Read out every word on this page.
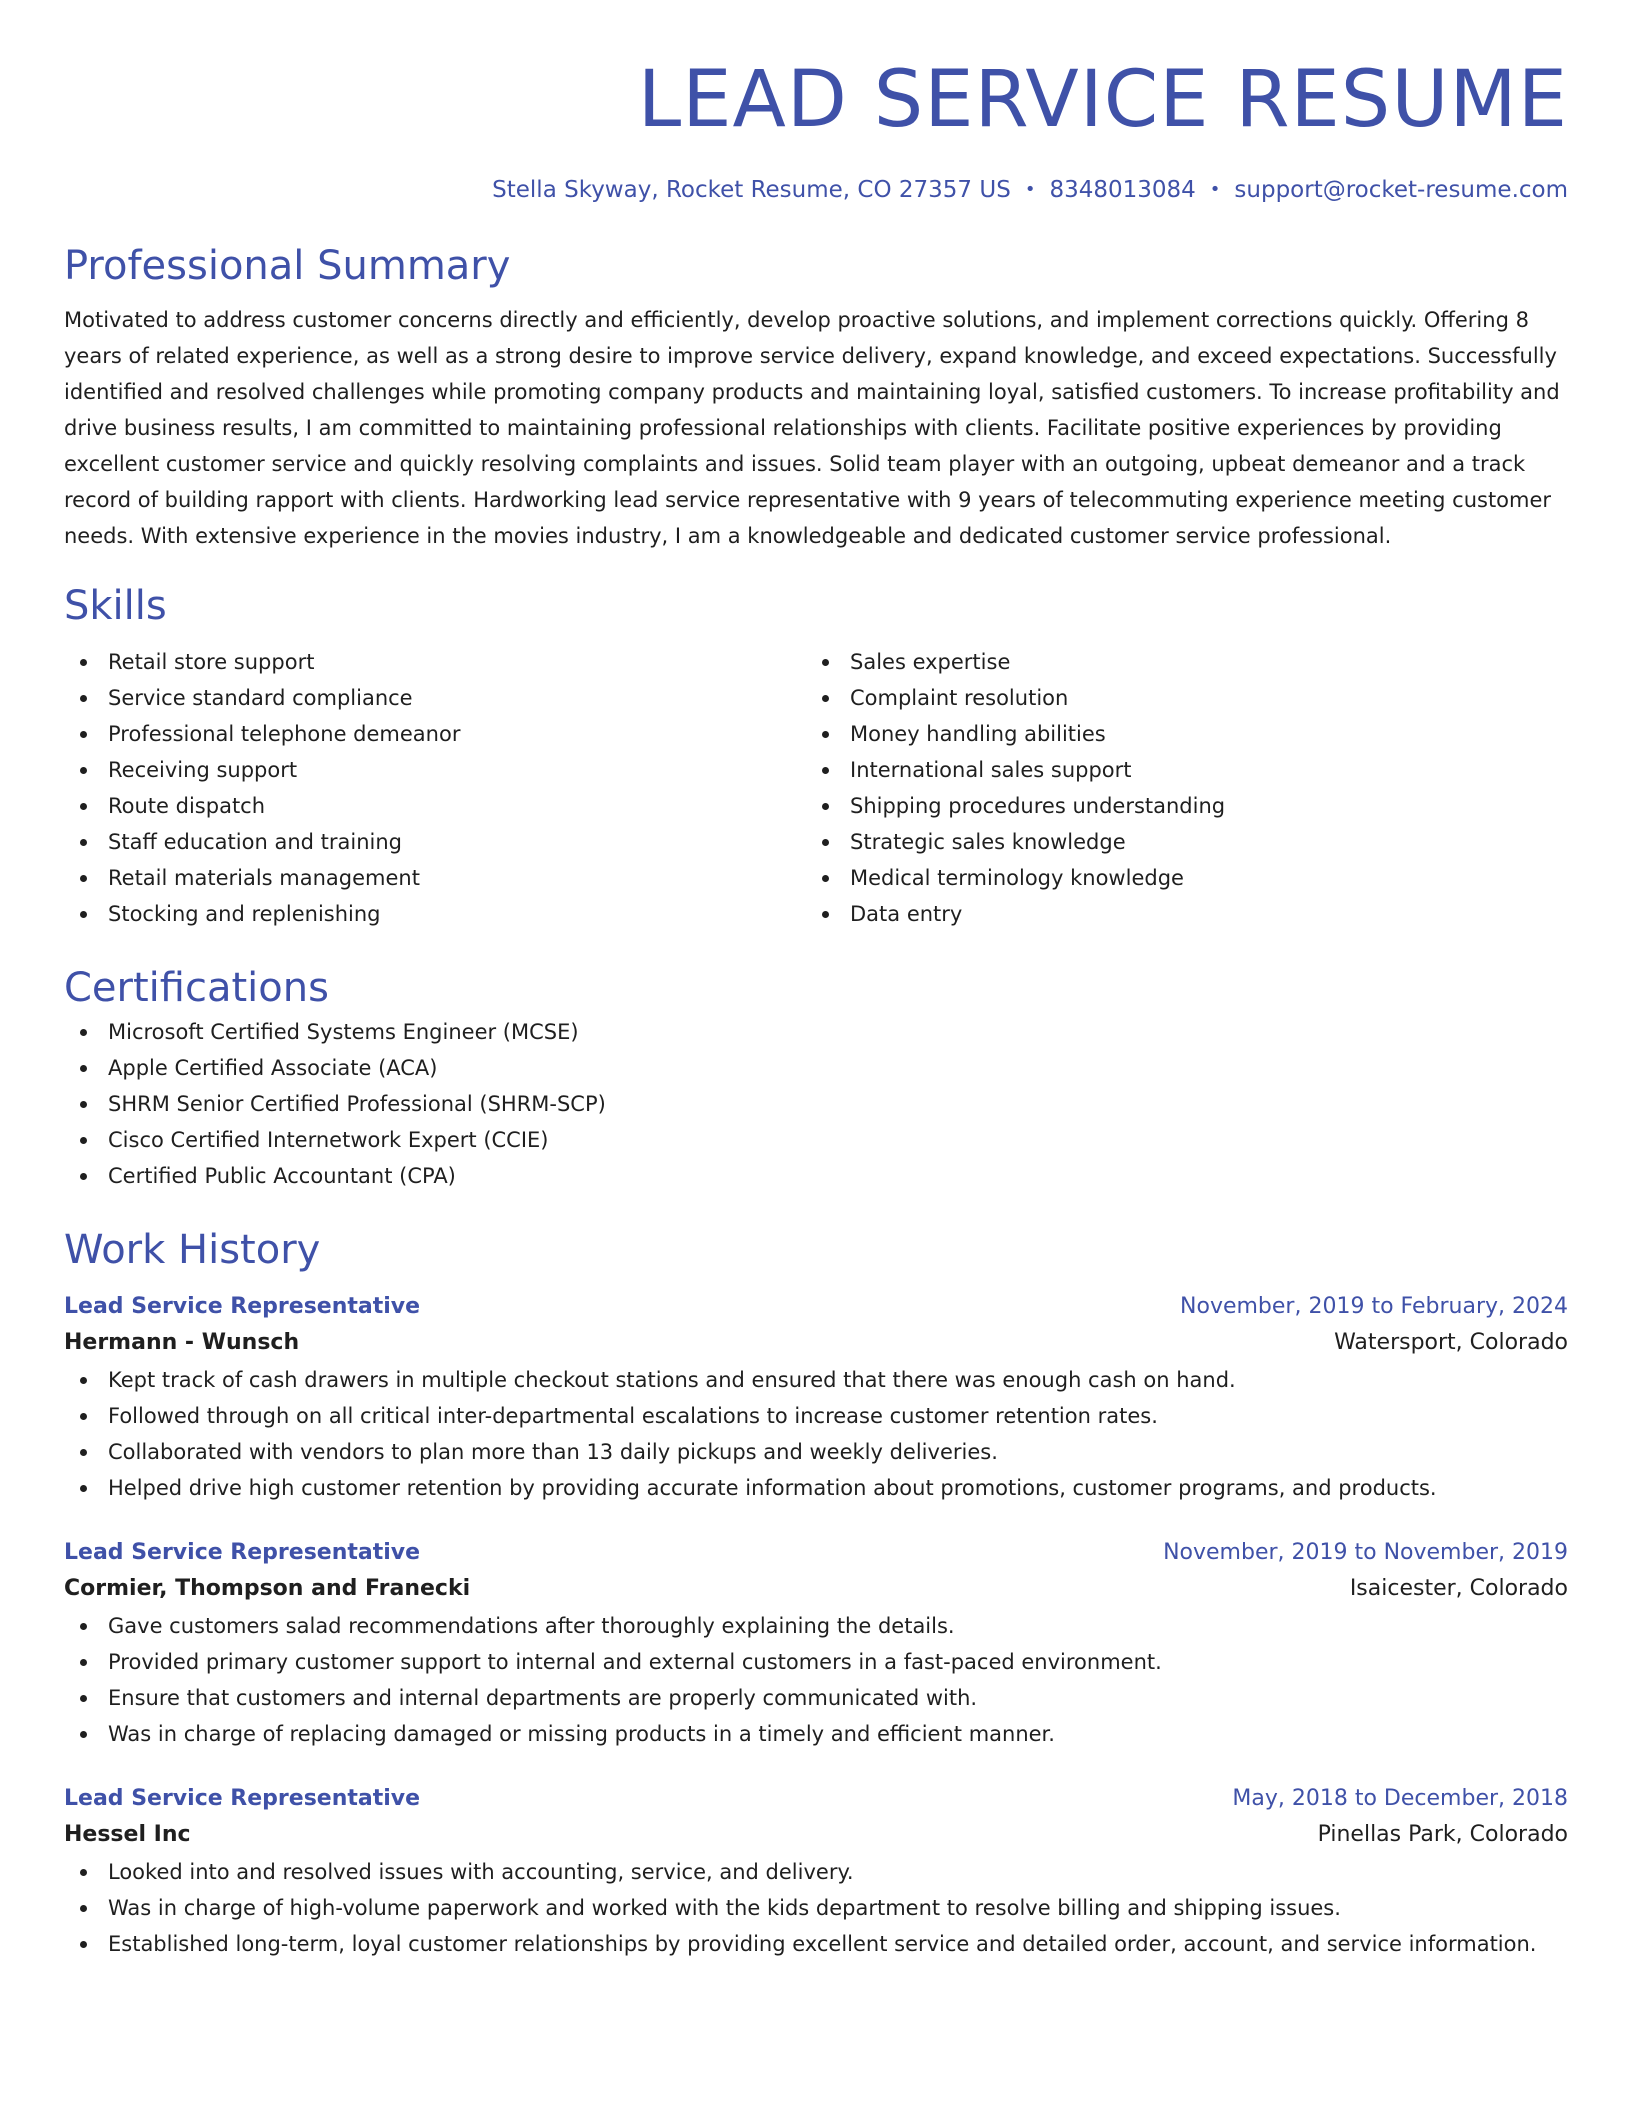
LEAD SERVICE RESUME
Stella Skyway, Rocket Resume, CO 27357 US • 8348013084 • support@rocket-resume.com
Professional Summary

Motivated to address customer concerns directly and efficiently, develop proactive solutions, and implement corrections quickly. Offering 8 years of related experience, as well as a strong desire to improve service delivery, expand knowledge, and exceed expectations. Successfully identified and resolved challenges while promoting company products and maintaining loyal, satisfied customers. To increase profitability and drive business results, I am committed to maintaining professional relationships with clients. Facilitate positive experiences by providing excellent customer service and quickly resolving complaints and issues. Solid team player with an outgoing, upbeat demeanor and a track record of building rapport with clients. Hardworking lead service representative with 9 years of telecommuting experience meeting customer needs. With extensive experience in the movies industry, I am a knowledgeable and dedicated customer service professional.

Skills
Retail store support
Service standard compliance
Professional telephone demeanor
Receiving support
Route dispatch
Staff education and training
Retail materials management
Stocking and replenishing
Sales expertise
Complaint resolution
Money handling abilities
International sales support
Shipping procedures understanding
Strategic sales knowledge
Medical terminology knowledge
Data entry
Certifications
Microsoft Certified Systems Engineer (MCSE)
Apple Certified Associate (ACA)
SHRM Senior Certified Professional (SHRM-SCP)
Cisco Certified Internetwork Expert (CCIE)
Certified Public Accountant (CPA)
Work History
Lead Service Representative	November, 2019 to February, 2024
Hermann - Wunsch	Watersport, Colorado
Kept track of cash drawers in multiple checkout stations and ensured that there was enough cash on hand.
Followed through on all critical inter-departmental escalations to increase customer retention rates.
Collaborated with vendors to plan more than 13 daily pickups and weekly deliveries.
Helped drive high customer retention by providing accurate information about promotions, customer programs, and products.
Lead Service Representative	November, 2019 to November, 2019
Cormier, Thompson and Franecki	Isaicester, Colorado
Gave customers salad recommendations after thoroughly explaining the details.
Provided primary customer support to internal and external customers in a fast-paced environment.
Ensure that customers and internal departments are properly communicated with.
Was in charge of replacing damaged or missing products in a timely and efficient manner.
Lead Service Representative	May, 2018 to December, 2018
Hessel Inc	Pinellas Park, Colorado
Looked into and resolved issues with accounting, service, and delivery.
Was in charge of high-volume paperwork and worked with the kids department to resolve billing and shipping issues.
Established long-term, loyal customer relationships by providing excellent service and detailed order, account, and service information.
